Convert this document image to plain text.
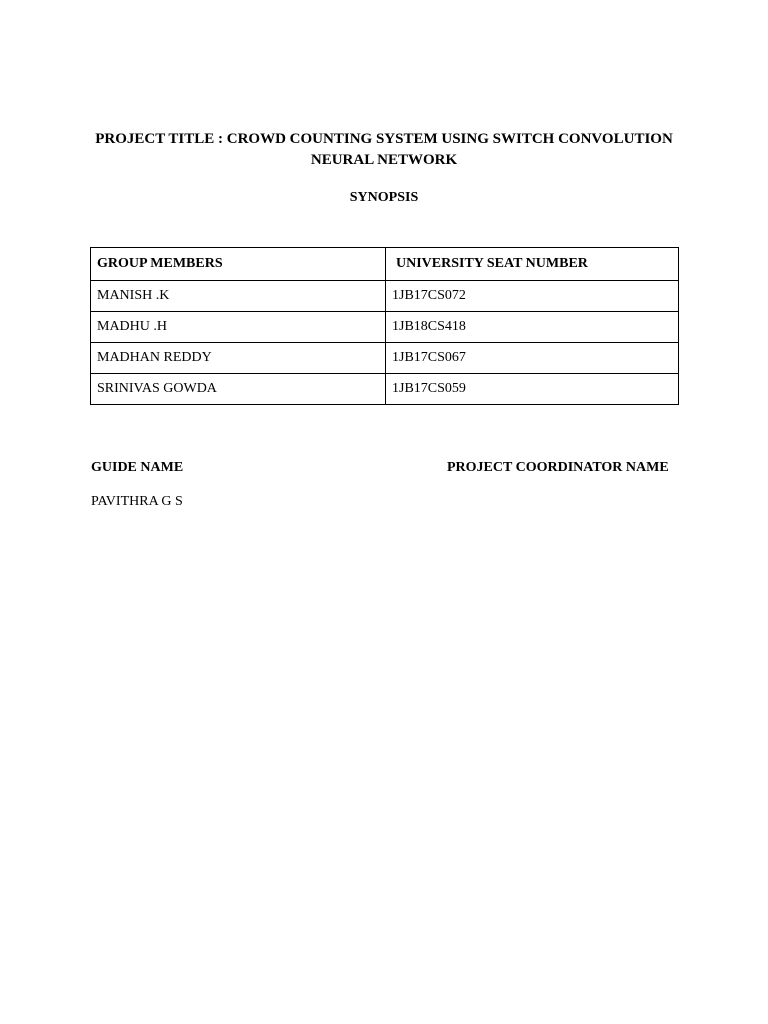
PROJECT TITLE : CROWD COUNTING SYSTEM USING SWITCH CONVOLUTION
NEURAL NETWORK
SYNOPSIS
GROUP MEMBERS	UNIVERSITY SEAT NUMBER
MANISH .K	1JB17CS072
MADHU .H	1JB18CS418
MADHAN REDDY	1JB17CS067
SRINIVAS GOWDA	1JB17CS059
GUIDE NAME	PROJECT COORDINATOR NAME
PAVITHRA G S
